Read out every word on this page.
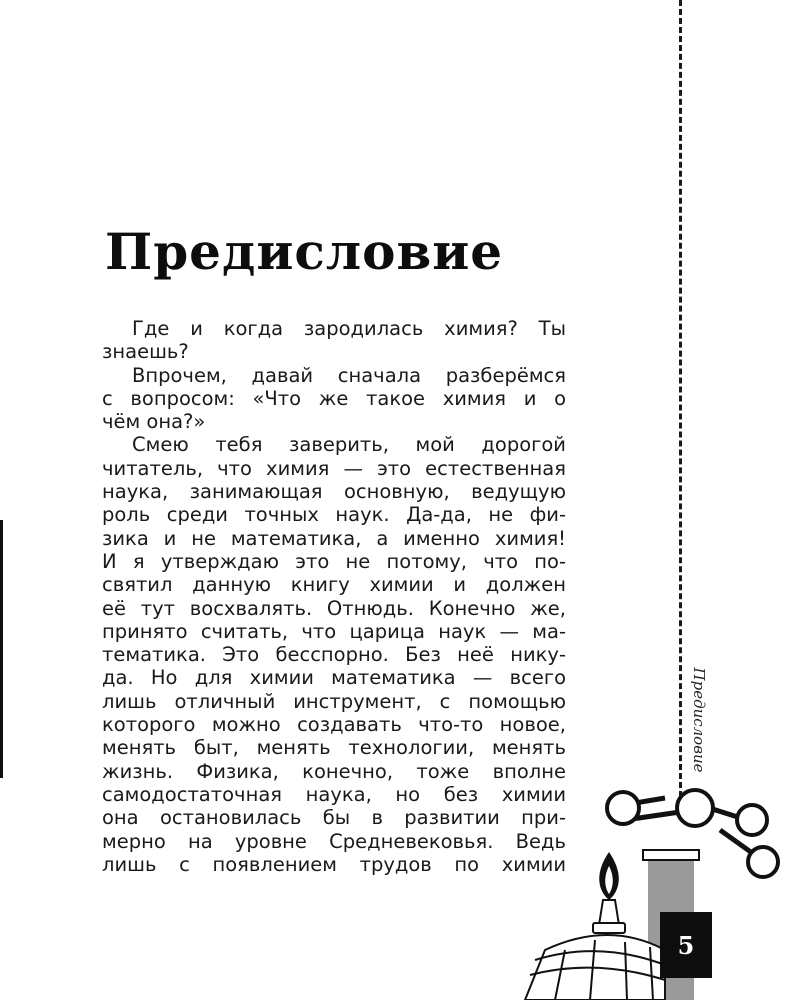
Предисловие
Где и когда зародилась химия? Ты
знаешь?
Впрочем, давай сначала разберёмся
с вопросом: «Что же такое химия и о
чём она?»
Смею тебя заверить, мой дорогой
читатель, что химия — это естественная
наука, занимающая основную, ведущую
роль среди точных наук. Да-да, не фи-
зика и не математика, а именно химия!
И я утверждаю это не потому, что по-
святил данную книгу химии и должен
её тут восхвалять. Отнюдь. Конечно же,
принято считать, что царица наук — ма-
тематика. Это бесспорно. Без неё нику-
да. Но для химии математика — всего
лишь отличный инструмент, с помощью
которого можно создавать что-то новое,
менять быт, менять технологии, менять
жизнь. Физика, конечно, тоже вполне
самодостаточная наука, но без химии
она остановилась бы в развитии при-
мерно на уровне Средневековья. Ведь
лишь с появлением трудов по химии
Предисловие
5
